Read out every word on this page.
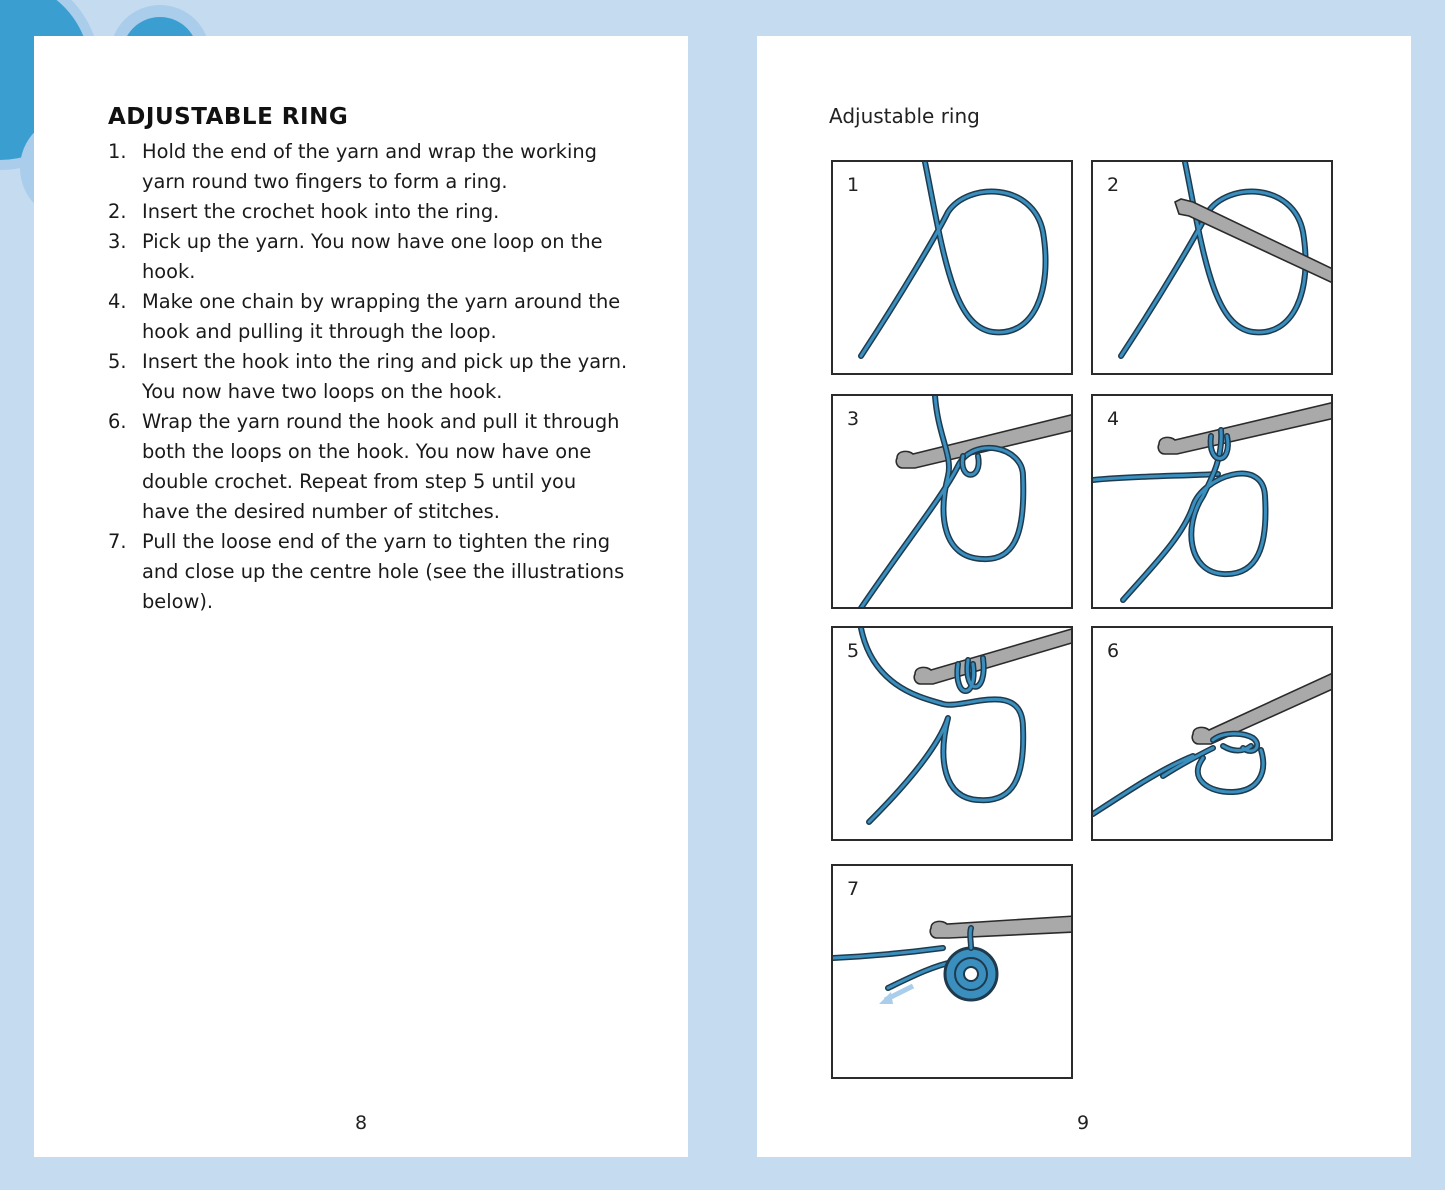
ADJUSTABLE RING
1. Hold the end of the yarn and wrap the working yarn round two fingers to form a ring.
2. Insert the crochet hook into the ring.
3. Pick up the yarn. You now have one loop on the hook.
4. Make one chain by wrapping the yarn around the hook and pulling it through the loop.
5. Insert the hook into the ring and pick up the yarn. You now have two loops on the hook.
6. Wrap the yarn round the hook and pull it through both the loops on the hook. You now have one double crochet. Repeat from step 5 until you have the desired number of stitches.
7. Pull the loose end of the yarn to tighten the ring and close up the centre hole (see the illustrations below).
8
Adjustable ring
1	2
3	4
5	6
7
9
